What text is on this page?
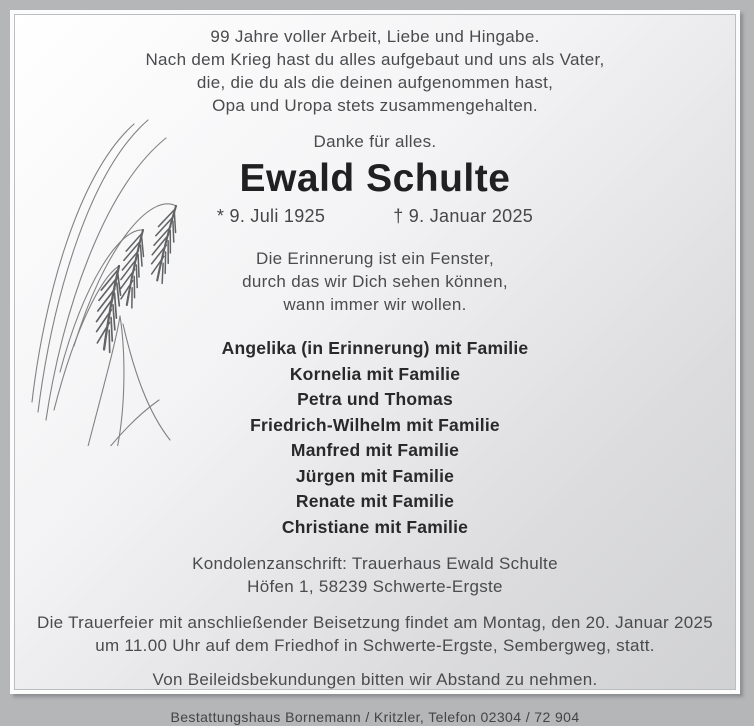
99 Jahre voller Arbeit, Liebe und Hingabe.
Nach dem Krieg hast du alles aufgebaut und uns als Vater,
die, die du als die deinen aufgenommen hast,
Opa und Uropa stets zusammengehalten.
Danke für alles.
Ewald Schulte
* 9. Juli 1925	† 9. Januar 2025
Die Erinnerung ist ein Fenster,
durch das wir Dich sehen können,
wann immer wir wollen.
Angelika (in Erinnerung) mit Familie
Kornelia mit Familie
Petra und Thomas
Friedrich-Wilhelm mit Familie
Manfred mit Familie
Jürgen mit Familie
Renate mit Familie
Christiane mit Familie
Kondolenzanschrift: Trauerhaus Ewald Schulte
Höfen 1, 58239 Schwerte-Ergste
Die Trauerfeier mit anschließender Beisetzung findet am Montag, den 20. Januar 2025
um 11.00 Uhr auf dem Friedhof in Schwerte-Ergste, Sembergweg, statt.
Von Beileidsbekundungen bitten wir Abstand zu nehmen.
Bestattungshaus Bornemann / Kritzler, Telefon 02304 / 72 904
